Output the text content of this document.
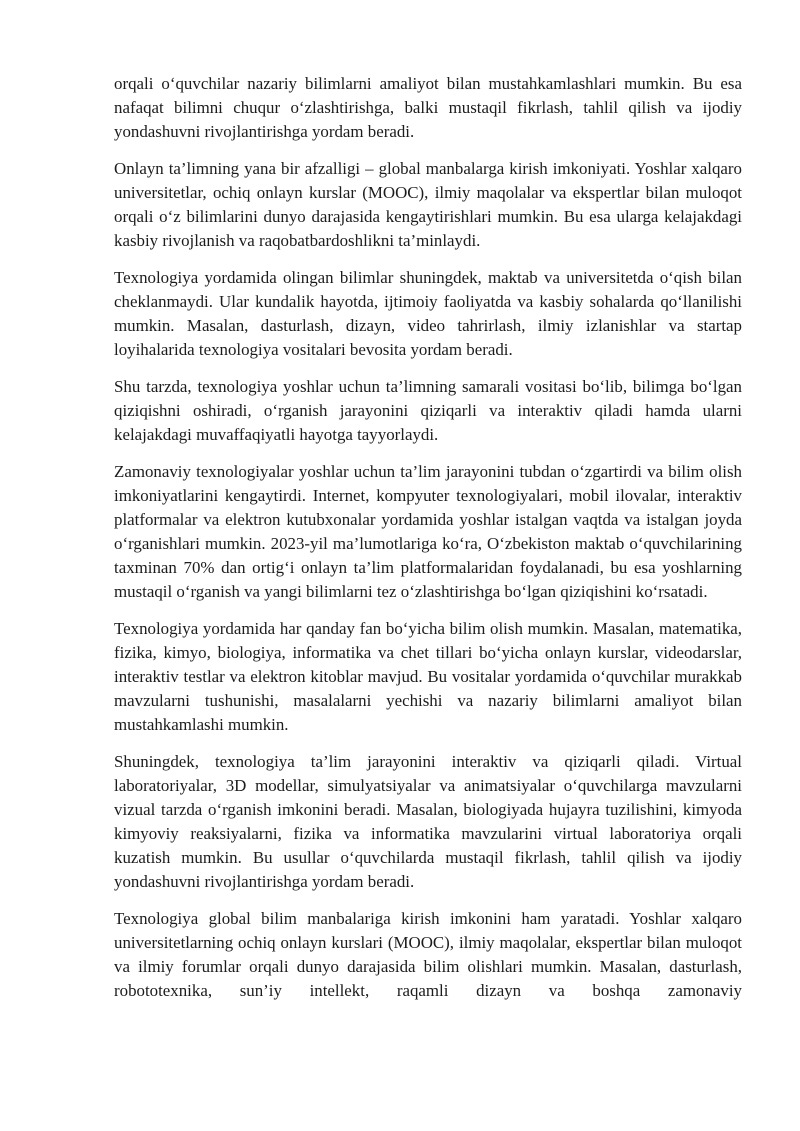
orqali o‘quvchilar nazariy bilimlarni amaliyot bilan mustahkamlashlari mumkin. Bu esa nafaqat bilimni chuqur o‘zlashtirishga, balki mustaqil fikrlash, tahlil qilish va ijodiy yondashuvni rivojlantirishga yordam beradi.

Onlayn ta’limning yana bir afzalligi – global manbalarga kirish imkoniyati. Yoshlar xalqaro universitetlar, ochiq onlayn kurslar (MOOC), ilmiy maqolalar va ekspertlar bilan muloqot orqali o‘z bilimlarini dunyo darajasida kengaytirishlari mumkin. Bu esa ularga kelajakdagi kasbiy rivojlanish va raqobatbardoshlikni ta’minlaydi.

Texnologiya yordamida olingan bilimlar shuningdek, maktab va universitetda o‘qish bilan cheklanmaydi. Ular kundalik hayotda, ijtimoiy faoliyatda va kasbiy sohalarda qo‘llanilishi mumkin. Masalan, dasturlash, dizayn, video tahrirlash, ilmiy izlanishlar va startap loyihalarida texnologiya vositalari bevosita yordam beradi.

Shu tarzda, texnologiya yoshlar uchun ta’limning samarali vositasi bo‘lib, bilimga bo‘lgan qiziqishni oshiradi, o‘rganish jarayonini qiziqarli va interaktiv qiladi hamda ularni kelajakdagi muvaffaqiyatli hayotga tayyorlaydi.

Zamonaviy texnologiyalar yoshlar uchun ta’lim jarayonini tubdan o‘zgartirdi va bilim olish imkoniyatlarini kengaytirdi. Internet, kompyuter texnologiyalari, mobil ilovalar, interaktiv platformalar va elektron kutubxonalar yordamida yoshlar istalgan vaqtda va istalgan joyda o‘rganishlari mumkin. 2023-yil ma’lumotlariga ko‘ra, O‘zbekiston maktab o‘quvchilarining taxminan 70% dan ortig‘i onlayn ta’lim platformalaridan foydalanadi, bu esa yoshlarning mustaqil o‘rganish va yangi bilimlarni tez o‘zlashtirishga bo‘lgan qiziqishini ko‘rsatadi.

Texnologiya yordamida har qanday fan bo‘yicha bilim olish mumkin. Masalan, matematika, fizika, kimyo, biologiya, informatika va chet tillari bo‘yicha onlayn kurslar, videodarslar, interaktiv testlar va elektron kitoblar mavjud. Bu vositalar yordamida o‘quvchilar murakkab mavzularni tushunishi, masalalarni yechishi va nazariy bilimlarni amaliyot bilan mustahkamlashi mumkin.

Shuningdek, texnologiya ta’lim jarayonini interaktiv va qiziqarli qiladi. Virtual laboratoriyalar, 3D modellar, simulyatsiyalar va animatsiyalar o‘quvchilarga mavzularni vizual tarzda o‘rganish imkonini beradi. Masalan, biologiyada hujayra tuzilishini, kimyoda kimyoviy reaksiyalarni, fizika va informatika mavzularini virtual laboratoriya orqali kuzatish mumkin. Bu usullar o‘quvchilarda mustaqil fikrlash, tahlil qilish va ijodiy yondashuvni rivojlantirishga yordam beradi.

Texnologiya global bilim manbalariga kirish imkonini ham yaratadi. Yoshlar xalqaro universitetlarning ochiq onlayn kurslari (MOOC), ilmiy maqolalar, ekspertlar bilan muloqot va ilmiy forumlar orqali dunyo darajasida bilim olishlari mumkin. Masalan, dasturlash, robototexnika, sun’iy intellekt, raqamli dizayn va boshqa zamonaviy
